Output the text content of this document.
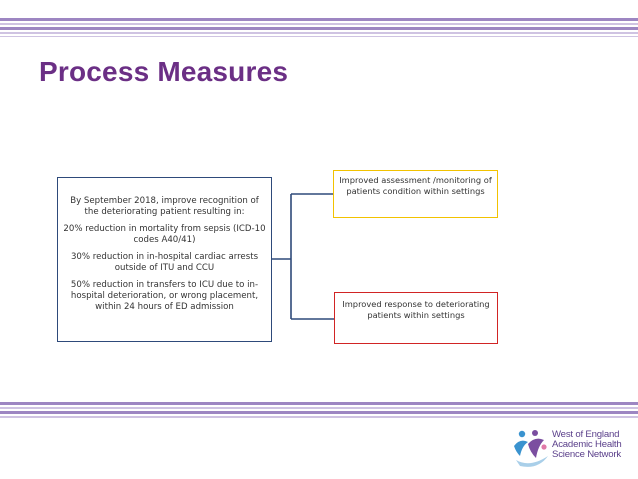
Process Measures

By September 2018, improve recognition of the deteriorating patient resulting in:

20% reduction in mortality from sepsis (ICD-10 codes A40/41)

30% reduction in in-hospital cardiac arrests outside of ITU and CCU

50% reduction in transfers to ICU due to in-hospital deterioration, or wrong placement, within 24 hours of ED admission

Improved assessment /monitoring of patients condition within settings
Improved response to deteriorating patients within settings
West of England
Academic Health
Science Network
